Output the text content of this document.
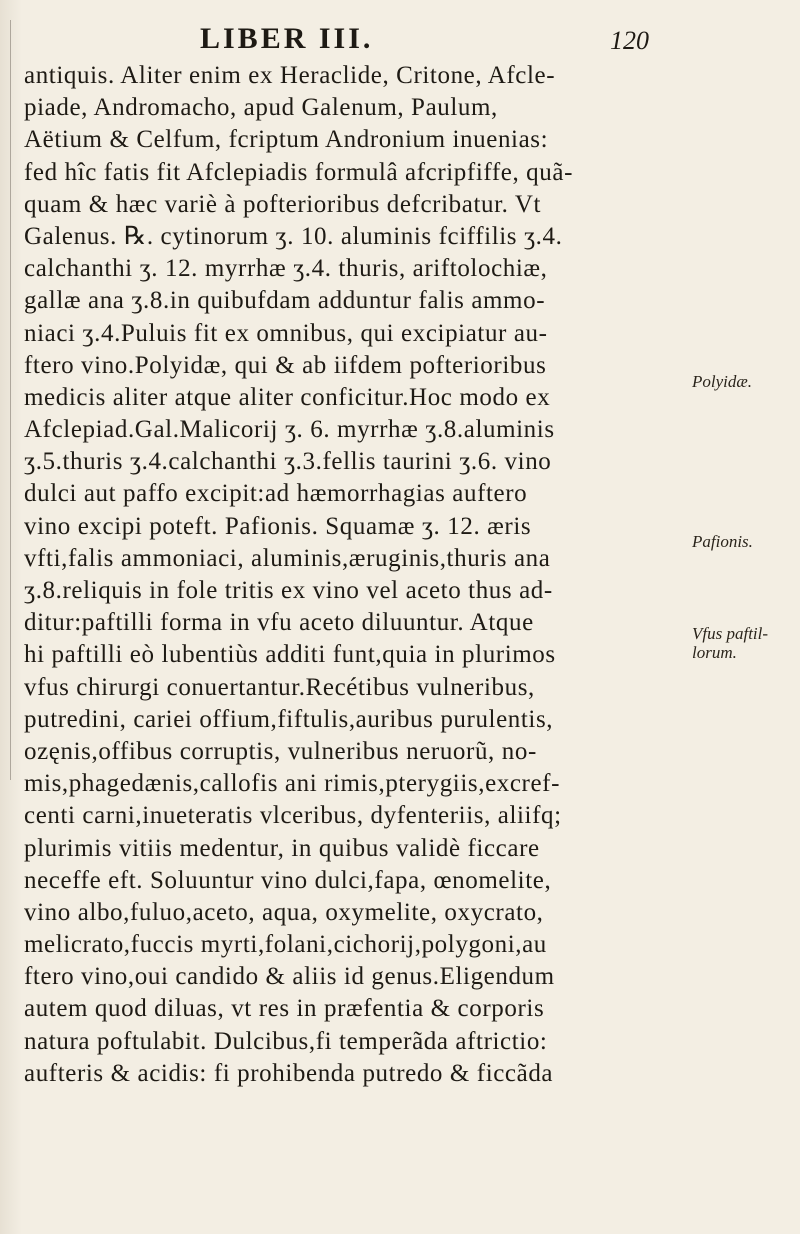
LIBER III.	120
antiquis. Aliter enim ex Heraclide, Critone, Afcle-
piade, Andromacho, apud Galenum, Paulum,
Aëtium & Celfum, fcriptum Andronium inuenias:
fed hîc fatis fit Afclepiadis formulâ afcripfiffe, quã-
quam & hæc variè à pofterioribus defcribatur. Vt
Galenus. ℞. cytinorum ʒ. 10. aluminis fciffilis ʒ.4.
calchanthi ʒ. 12. myrrhæ ʒ.4. thuris, ariftolochiæ,
gallæ ana ʒ.8.in quibufdam adduntur falis ammo-
niaci ʒ.4.Puluis fit ex omnibus, qui excipiatur au-
ftero vino.Polyidæ, qui & ab iifdem pofterioribus
medicis aliter atque aliter conficitur.Hoc modo ex
Afclepiad.Gal.Malicorij ʒ. 6. myrrhæ ʒ.8.aluminis
ʒ.5.thuris ʒ.4.calchanthi ʒ.3.fellis taurini ʒ.6. vino
dulci aut paffo excipit:ad hæmorrhagias auftero
vino excipi poteft. Pafionis. Squamæ ʒ. 12. æris
vfti,falis ammoniaci, aluminis,æruginis,thuris ana
ʒ.8.reliquis in fole tritis ex vino vel aceto thus ad-
ditur:paftilli forma in vfu aceto diluuntur. Atque
hi paftilli eò lubentiùs additi funt,quia in plurimos
vfus chirurgi conuertantur.Recétibus vulneribus,
putredini, cariei offium,fiftulis,auribus purulentis,
ozęnis,offibus corruptis, vulneribus neruorũ, no-
mis,phagedænis,callofis ani rimis,pterygiis,excref-
centi carni,inueteratis vlceribus, dyfenteriis, aliifq;
plurimis vitiis medentur, in quibus validè ficcare
neceffe eft. Soluuntur vino dulci,fapa, œnomelite,
vino albo,fuluo,aceto, aqua, oxymelite, oxycrato,
melicrato,fuccis myrti,folani,cichorij,polygoni,au
ftero vino,oui candido & aliis id genus.Eligendum
autem quod diluas, vt res in præfentia & corporis
natura poftulabit. Dulcibus,fi temperãda aftrictio:
aufteris & acidis: fi prohibenda putredo & ficcãda
Polyidæ.
Pafionis.
Vfus paftil-
lorum.
